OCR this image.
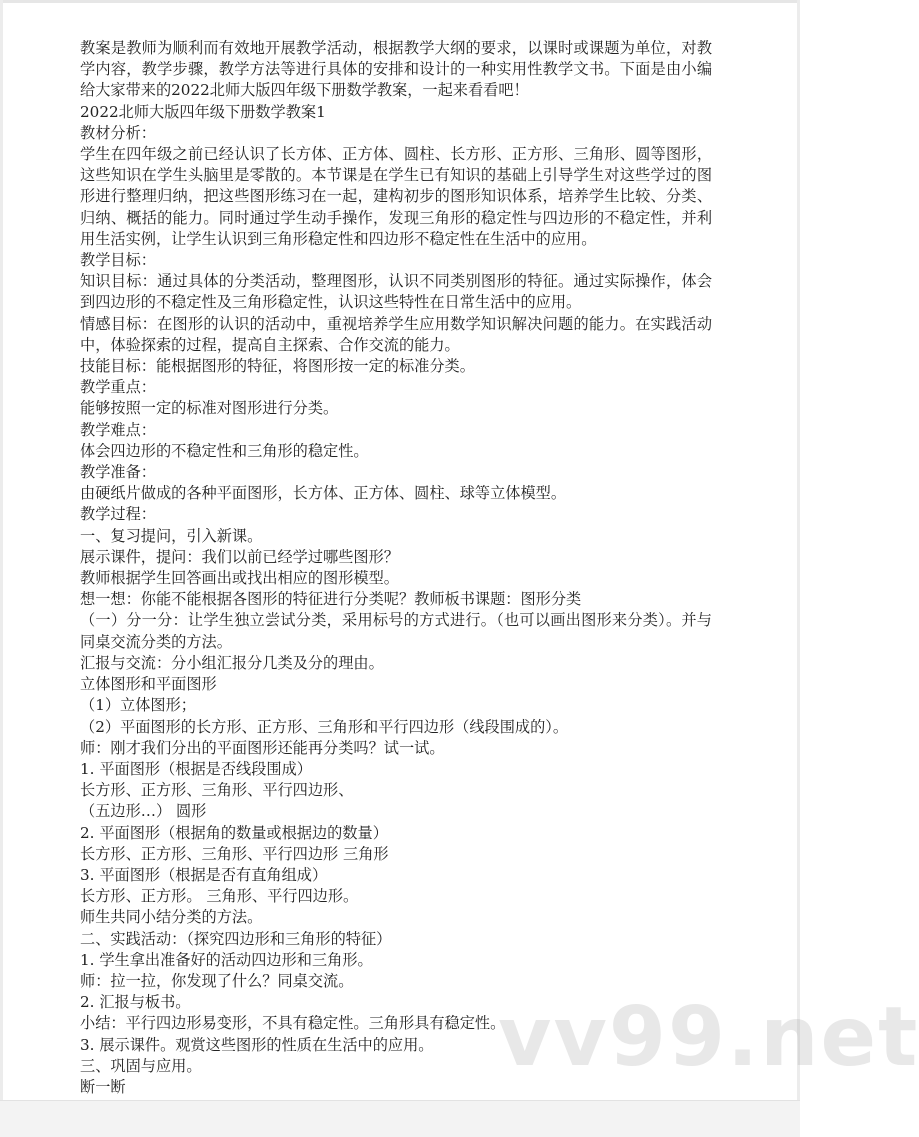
教案是教师为顺利而有效地开展教学活动，根据教学大纲的要求，以课时或课题为单位，对教学内容，教学步骤，教学方法等进行具体的安排和设计的一种实用性教学文书。下面是由小编给大家带来的2022北师大版四年级下册数学教案，一起来看看吧！

2022北师大版四年级下册数学教案1

教材分析：

学生在四年级之前已经认识了长方体、正方体、圆柱、长方形、正方形、三角形、圆等图形，这些知识在学生头脑里是零散的。本节课是在学生已有知识的基础上引导学生对这些学过的图形进行整理归纳，把这些图形练习在一起，建构初步的图形知识体系，培养学生比较、分类、归纳、概括的能力。同时通过学生动手操作，发现三角形的稳定性与四边形的不稳定性，并利用生活实例，让学生认识到三角形稳定性和四边形不稳定性在生活中的应用。

教学目标：

知识目标：通过具体的分类活动，整理图形，认识不同类别图形的特征。通过实际操作，体会到四边形的不稳定性及三角形稳定性，认识这些特性在日常生活中的应用。

情感目标：在图形的认识的活动中，重视培养学生应用数学知识解决问题的能力。在实践活动中，体验探索的过程，提高自主探索、合作交流的能力。

技能目标：能根据图形的特征，将图形按一定的标准分类。

教学重点：

能够按照一定的标准对图形进行分类。

教学难点：

体会四边形的不稳定性和三角形的稳定性。

教学准备：

由硬纸片做成的各种平面图形，长方体、正方体、圆柱、球等立体模型。

教学过程：

一、复习提问，引入新课。

展示课件，提问：我们以前已经学过哪些图形？

教师根据学生回答画出或找出相应的图形模型。

想一想：你能不能根据各图形的特征进行分类呢？教师板书课题：图形分类

（一）分一分：让学生独立尝试分类，采用标号的方式进行。（也可以画出图形来分类）。并与同桌交流分类的方法。

汇报与交流：分小组汇报分几类及分的理由。

立体图形和平面图形

（1）立体图形；

（2）平面图形的长方形、正方形、三角形和平行四边形（线段围成的）。

师：刚才我们分出的平面图形还能再分类吗？试一试。

1. 平面图形（根据是否线段围成）

长方形、正方形、三角形、平行四边形、

（五边形…） 圆形

2. 平面图形（根据角的数量或根据边的数量）

长方形、正方形、三角形、平行四边形 三角形

3. 平面图形（根据是否有直角组成）

长方形、正方形。 三角形、平行四边形。

师生共同小结分类的方法。

二、实践活动：（探究四边形和三角形的特征）

1. 学生拿出准备好的活动四边形和三角形。

师：拉一拉，你发现了什么？同桌交流。

2. 汇报与板书。

小结：平行四边形易变形，不具有稳定性。三角形具有稳定性。

3. 展示课件。观赏这些图形的性质在生活中的应用。

三、巩固与应用。

断一断

vv99.net
